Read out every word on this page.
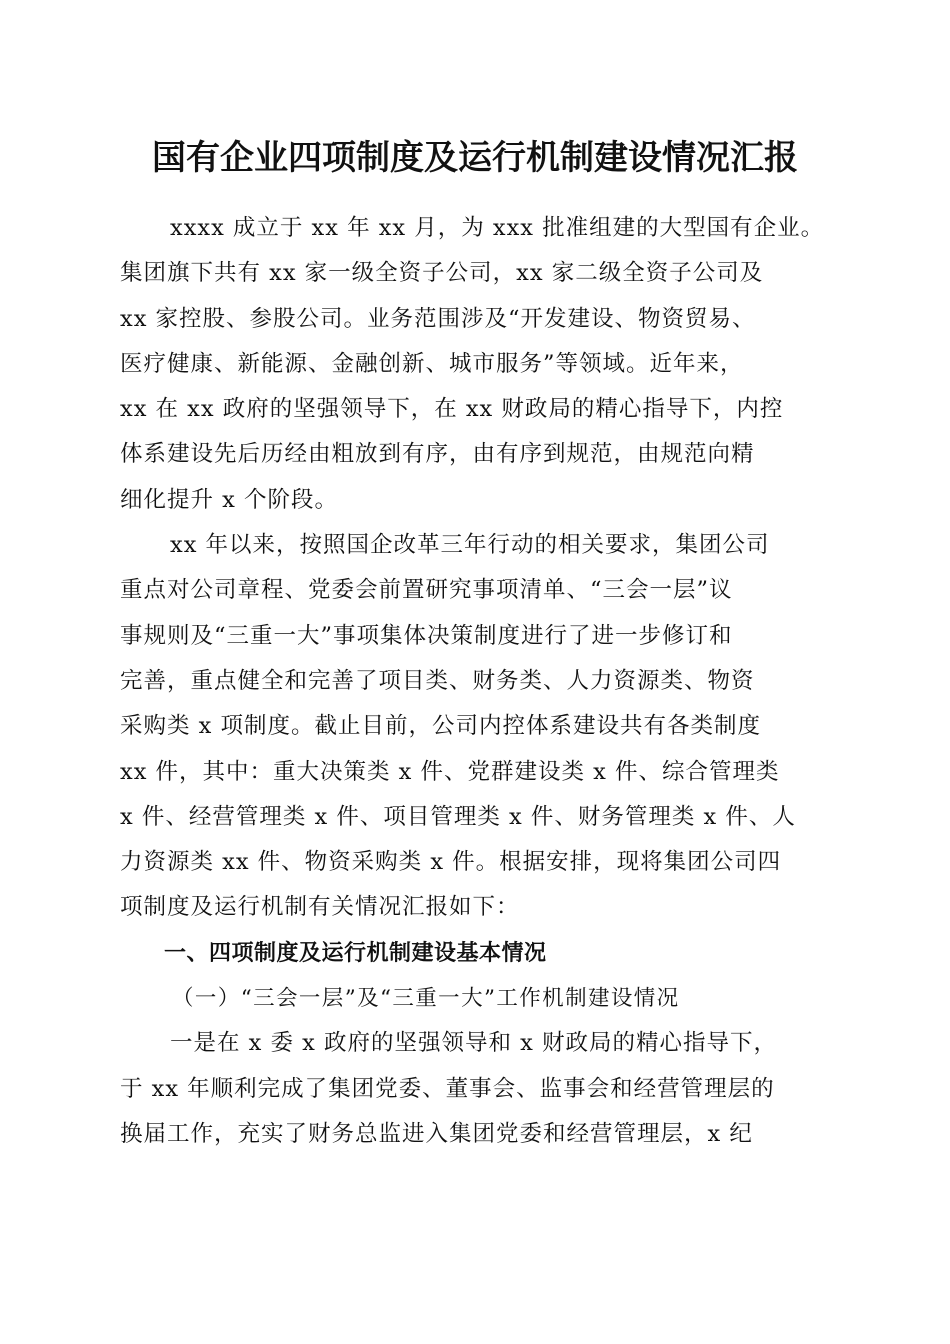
国有企业四项制度及运行机制建设情况汇报
xxxx 成立于 xx 年 xx 月，为 xxx 批准组建的大型国有企业。
集团旗下共有 xx 家一级全资子公司，xx 家二级全资子公司及
xx 家控股、参股公司。业务范围涉及“开发建设、物资贸易、
医疗健康、新能源、金融创新、城市服务”等领域。近年来，
xx 在 xx 政府的坚强领导下，在 xx 财政局的精心指导下，内控
体系建设先后历经由粗放到有序，由有序到规范，由规范向精
细化提升 x 个阶段。
xx 年以来，按照国企改革三年行动的相关要求，集团公司
重点对公司章程、党委会前置研究事项清单、“三会一层”议
事规则及“三重一大”事项集体决策制度进行了进一步修订和
完善，重点健全和完善了项目类、财务类、人力资源类、物资
采购类 x 项制度。截止目前，公司内控体系建设共有各类制度
xx 件，其中：重大决策类 x 件、党群建设类 x 件、综合管理类
x 件、经营管理类 x 件、项目管理类 x 件、财务管理类 x 件、人
力资源类 xx 件、物资采购类 x 件。根据安排，现将集团公司四
项制度及运行机制有关情况汇报如下：
一、四项制度及运行机制建设基本情况
（一）“三会一层”及“三重一大”工作机制建设情况
一是在 x 委 x 政府的坚强领导和 x 财政局的精心指导下，
于 xx 年顺利完成了集团党委、董事会、监事会和经营管理层的
换届工作，充实了财务总监进入集团党委和经营管理层，x 纪
